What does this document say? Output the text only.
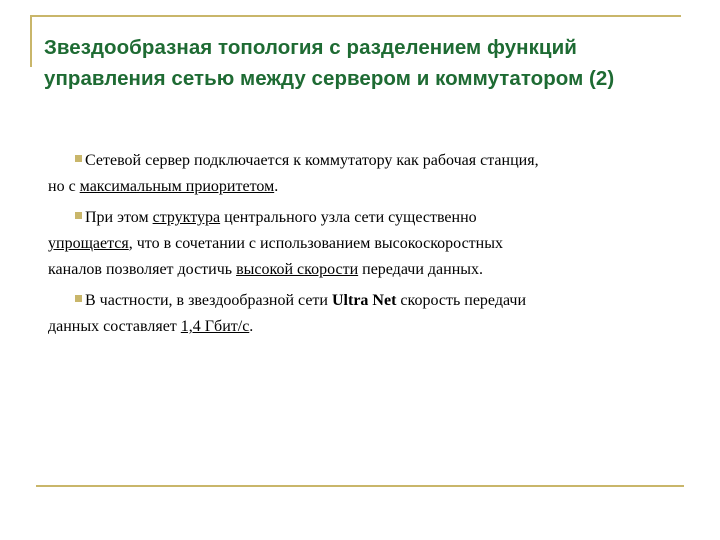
Звездообразная топология с разделением функций
управления сетью между сервером и коммутатором (2)
Сетевой сервер подключается к коммутатору как рабочая станция,
но с максимальным приоритетом.
При этом структура центрального узла сети существенно
упрощается, что в сочетании с использованием высокоскоростных
каналов позволяет достичь высокой скорости передачи данных.
В частности, в звездообразной сети Ultra Net скорость передачи
данных составляет 1,4 Гбит/с.
